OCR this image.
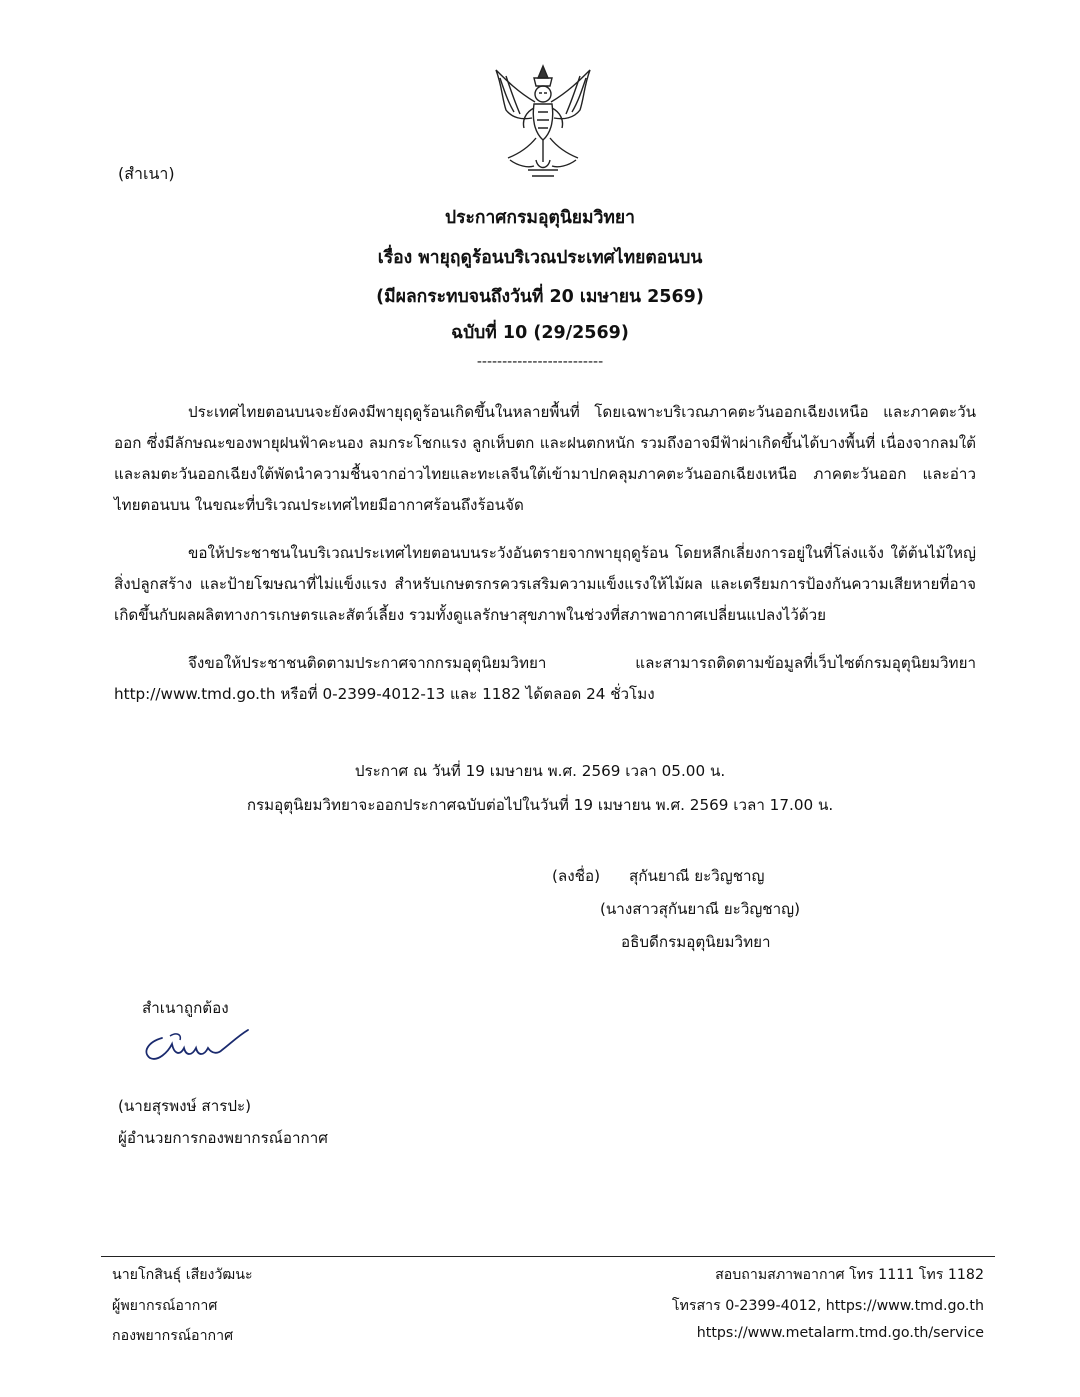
(สำเนา)
ประกาศกรมอุตุนิยมวิทยา
เรื่อง พายุฤดูร้อนบริเวณประเทศไทยตอนบน
(มีผลกระทบจนถึงวันที่ 20 เมษายน 2569)
ฉบับที่ 10 (29/2569)
-------------------------
ประเทศไทยตอนบนจะยังคงมีพายุฤดูร้อนเกิดขึ้นในหลายพื้นที่ โดยเฉพาะบริเวณภาคตะวันออกเฉียงเหนือ และภาคตะวันออก ซึ่งมีลักษณะของพายุฝนฟ้าคะนอง ลมกระโชกแรง ลูกเห็บตก และฝนตกหนัก รวมถึงอาจมีฟ้าผ่าเกิดขึ้นได้บางพื้นที่ เนื่องจากลมใต้และลมตะวันออกเฉียงใต้พัดนำความชื้นจากอ่าวไทยและทะเลจีนใต้เข้ามาปกคลุมภาคตะวันออกเฉียงเหนือ ภาคตะวันออก และอ่าวไทยตอนบน ในขณะที่บริเวณประเทศไทยมีอากาศร้อนถึงร้อนจัด
ขอให้ประชาชนในบริเวณประเทศไทยตอนบนระวังอันตรายจากพายุฤดูร้อน โดยหลีกเลี่ยงการอยู่ในที่โล่งแจ้ง ใต้ต้นไม้ใหญ่ สิ่งปลูกสร้าง และป้ายโฆษณาที่ไม่แข็งแรง สำหรับเกษตรกรควรเสริมความแข็งแรงให้ไม้ผล และเตรียมการป้องกันความเสียหายที่อาจเกิดขึ้นกับผลผลิตทางการเกษตรและสัตว์เลี้ยง รวมทั้งดูแลรักษาสุขภาพในช่วงที่สภาพอากาศเปลี่ยนแปลงไว้ด้วย
จึงขอให้ประชาชนติดตามประกาศจากกรมอุตุนิยมวิทยา และสามารถติดตามข้อมูลที่เว็บไซต์กรมอุตุนิยมวิทยา http://www.tmd.go.th หรือที่ 0-2399-4012-13 และ 1182 ได้ตลอด 24 ชั่วโมง
ประกาศ ณ วันที่ 19 เมษายน พ.ศ. 2569 เวลา 05.00 น.
กรมอุตุนิยมวิทยาจะออกประกาศฉบับต่อไปในวันที่ 19 เมษายน พ.ศ. 2569 เวลา 17.00 น.
(ลงชื่อ) สุกันยาณี ยะวิญชาญ
(นางสาวสุกันยาณี ยะวิญชาญ)
อธิบดีกรมอุตุนิยมวิทยา
สำเนาถูกต้อง
(นายสุรพงษ์ สารปะ)
ผู้อำนวยการกองพยากรณ์อากาศ
นายโกสินธุ์ เสียงวัฒนะ
ผู้พยากรณ์อากาศ
กองพยากรณ์อากาศ
สอบถามสภาพอากาศ โทร 1111 โทร 1182
โทรสาร 0-2399-4012, https://www.tmd.go.th
https://www.metalarm.tmd.go.th/service
